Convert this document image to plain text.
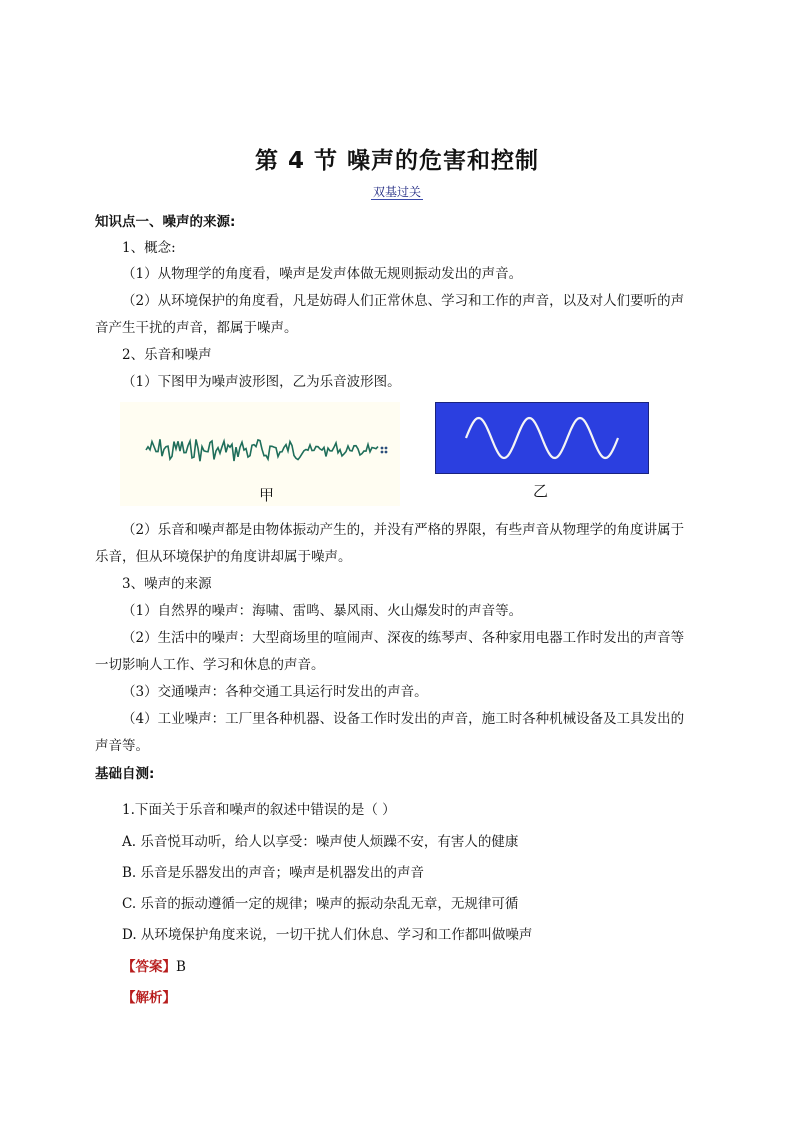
第 4 节 噪声的危害和控制
双基过关
知识点一、噪声的来源:
1、概念:
（1）从物理学的角度看，噪声是发声体做无规则振动发出的声音。
（2）从环境保护的角度看，凡是妨碍人们正常休息、学习和工作的声音，以及对人们要听的声
音产生干扰的声音，都属于噪声。
2、乐音和噪声
（1）下图甲为噪声波形图，乙为乐音波形图。
甲	乙
（2）乐音和噪声都是由物体振动产生的，并没有严格的界限，有些声音从物理学的角度讲属于
乐音，但从环境保护的角度讲却属于噪声。
3、噪声的来源
（1）自然界的噪声：海啸、雷鸣、暴风雨、火山爆发时的声音等。
（2）生活中的噪声：大型商场里的喧闹声、深夜的练琴声、各种家用电器工作时发出的声音等
一切影响人工作、学习和休息的声音。
（3）交通噪声：各种交通工具运行时发出的声音。
（4）工业噪声：工厂里各种机器、设备工作时发出的声音，施工时各种机械设备及工具发出的
声音等。
基础自测:
1.下面关于乐音和噪声的叙述中错误的是（ ）
A. 乐音悦耳动听，给人以享受：噪声使人烦躁不安，有害人的健康
B. 乐音是乐器发出的声音；噪声是机器发出的声音
C. 乐音的振动遵循一定的规律；噪声的振动杂乱无章，无规律可循
D. 从环境保护角度来说，一切干扰人们休息、学习和工作都叫做噪声
【答案】B
【解析】
